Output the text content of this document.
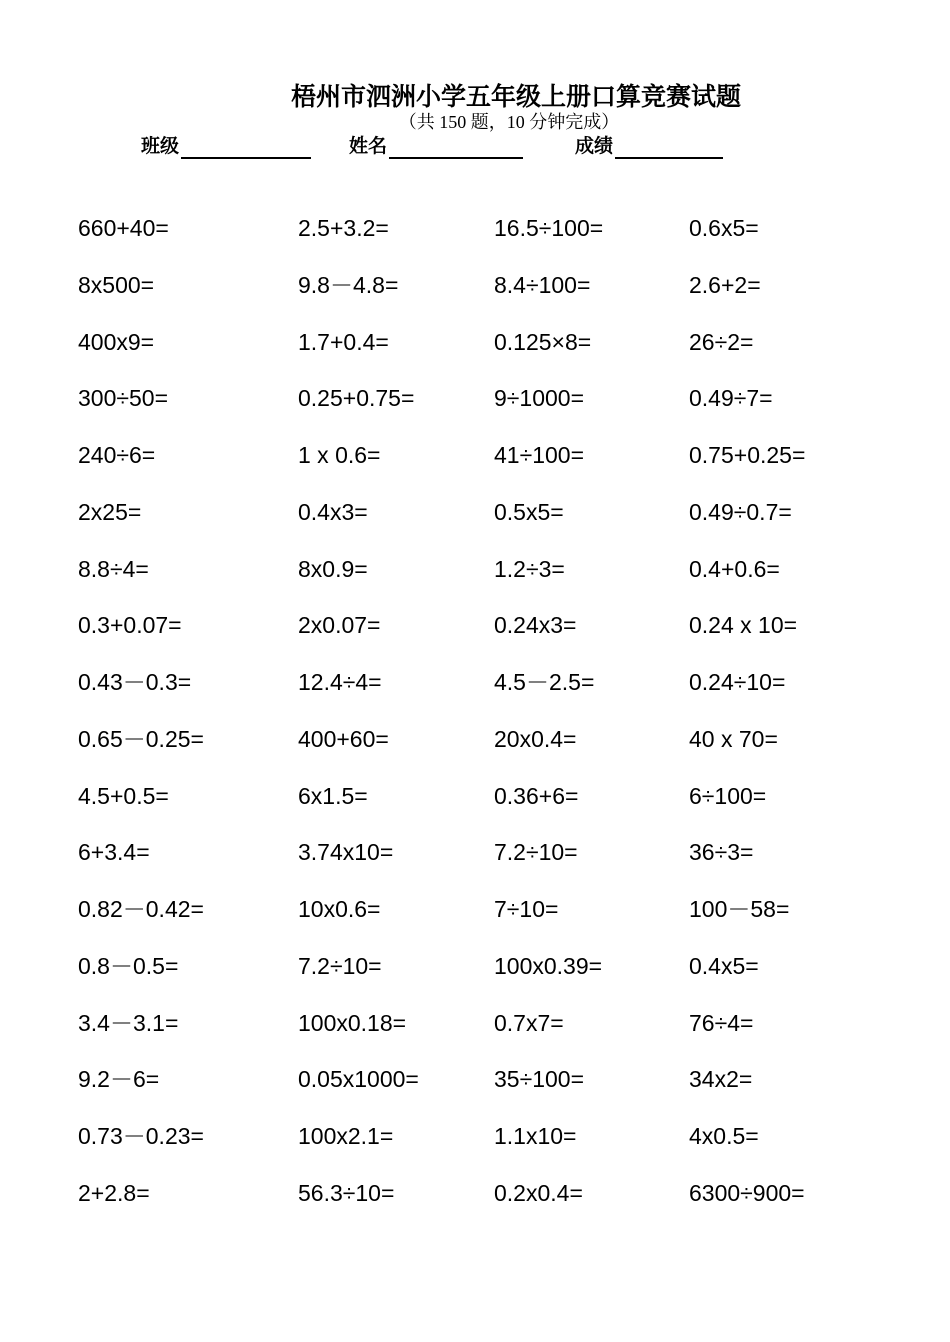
梧州市泗洲小学五年级上册口算竞赛试题
（共 150 题，10 分钟完成）
班级	姓名	成绩
660+40=	2.5+3.2=	16.5÷100=	0.6x5=
8x500=	9.8－4.8=	8.4÷100=	2.6+2=
400x9=	1.7+0.4=	0.125×8=	26÷2=
300÷50=	0.25+0.75=	9÷1000=	0.49÷7=
240÷6=	1 x 0.6=	41÷100=	0.75+0.25=
2x25=	0.4x3=	0.5x5=	0.49÷0.7=
8.8÷4=	8x0.9=	1.2÷3=	0.4+0.6=
0.3+0.07=	2x0.07=	0.24x3=	0.24 x 10=
0.43－0.3=	12.4÷4=	4.5－2.5=	0.24÷10=
0.65－0.25=	400+60=	20x0.4=	40 x 70=
4.5+0.5=	6x1.5=	0.36+6=	6÷100=
6+3.4=	3.74x10=	7.2÷10=	36÷3=
0.82－0.42=	10x0.6=	7÷10=	100－58=
0.8－0.5=	7.2÷10=	100x0.39=	0.4x5=
3.4－3.1=	100x0.18=	0.7x7=	76÷4=
9.2－6=	0.05x1000=	35÷100=	34x2=
0.73－0.23=	100x2.1=	1.1x10=	4x0.5=
2+2.8=	56.3÷10=	0.2x0.4=	6300÷900=
